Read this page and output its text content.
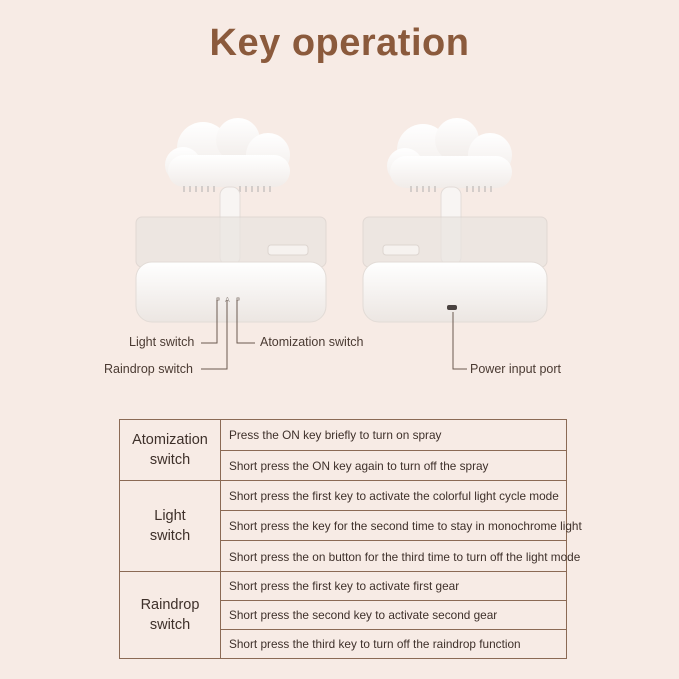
Key operation
A
Light switch
Raindrop switch
Atomization switch
Power input port
Atomization
switch
Press the ON key briefly to turn on spray
Short press the ON key again to turn off the spray
Light
switch
Short press the first key to activate the colorful light cycle mode
Short press the key for the second time to stay in monochrome light
Short press the on button for the third time to turn off the light mode
Raindrop
switch
Short press the first key to activate first gear
Short press the second key to activate second gear
Short press the third key to turn off the raindrop function
